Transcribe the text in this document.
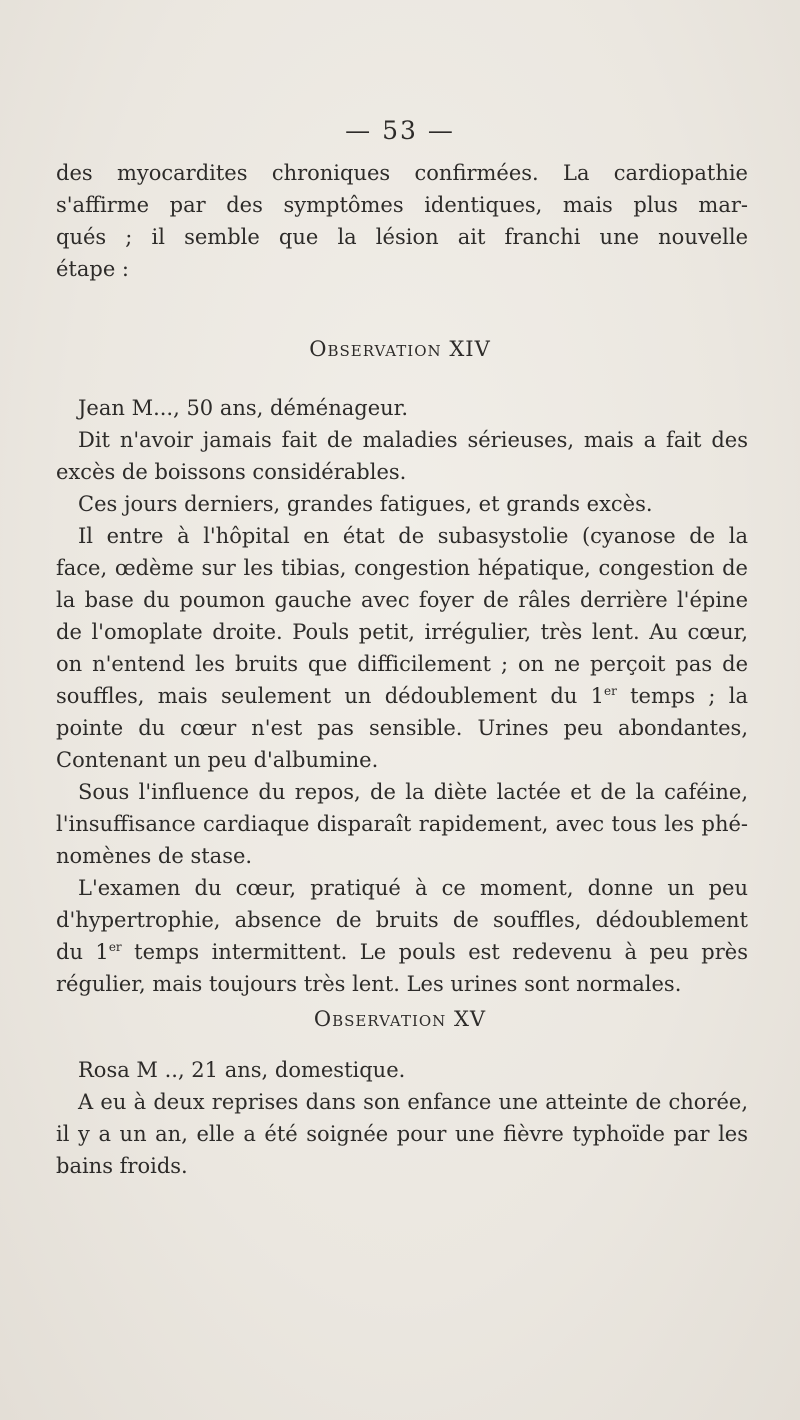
— 53 —
des myocardites chroniques confirmées. La cardiopathie
s'affirme par des symptômes identiques, mais plus mar-
qués ; il semble que la lésion ait franchi une nouvelle
étape :
Observation XIV
Jean M..., 50 ans, déménageur.
Dit n'avoir jamais fait de maladies sérieuses, mais a fait des
excès de boissons considérables.
Ces jours derniers, grandes fatigues, et grands excès.
Il entre à l'hôpital en état de subasystolie (cyanose de la
face, œdème sur les tibias, congestion hépatique, congestion de
la base du poumon gauche avec foyer de râles derrière l'épine
de l'omoplate droite. Pouls petit, irrégulier, très lent. Au cœur,
on n'entend les bruits que difficilement ; on ne perçoit pas de
souffles, mais seulement un dédoublement du 1er temps ; la
pointe du cœur n'est pas sensible. Urines peu abondantes,
Contenant un peu d'albumine.
Sous l'influence du repos, de la diète lactée et de la caféine,
l'insuffisance cardiaque disparaît rapidement, avec tous les phé-
nomènes de stase.
L'examen du cœur, pratiqué à ce moment, donne un peu
d'hypertrophie, absence de bruits de souffles, dédoublement
du 1er temps intermittent. Le pouls est redevenu à peu près
régulier, mais toujours très lent. Les urines sont normales.
Observation XV
Rosa M .., 21 ans, domestique.
A eu à deux reprises dans son enfance une atteinte de chorée,
il y a un an, elle a été soignée pour une fièvre typhoïde par les
bains froids.
